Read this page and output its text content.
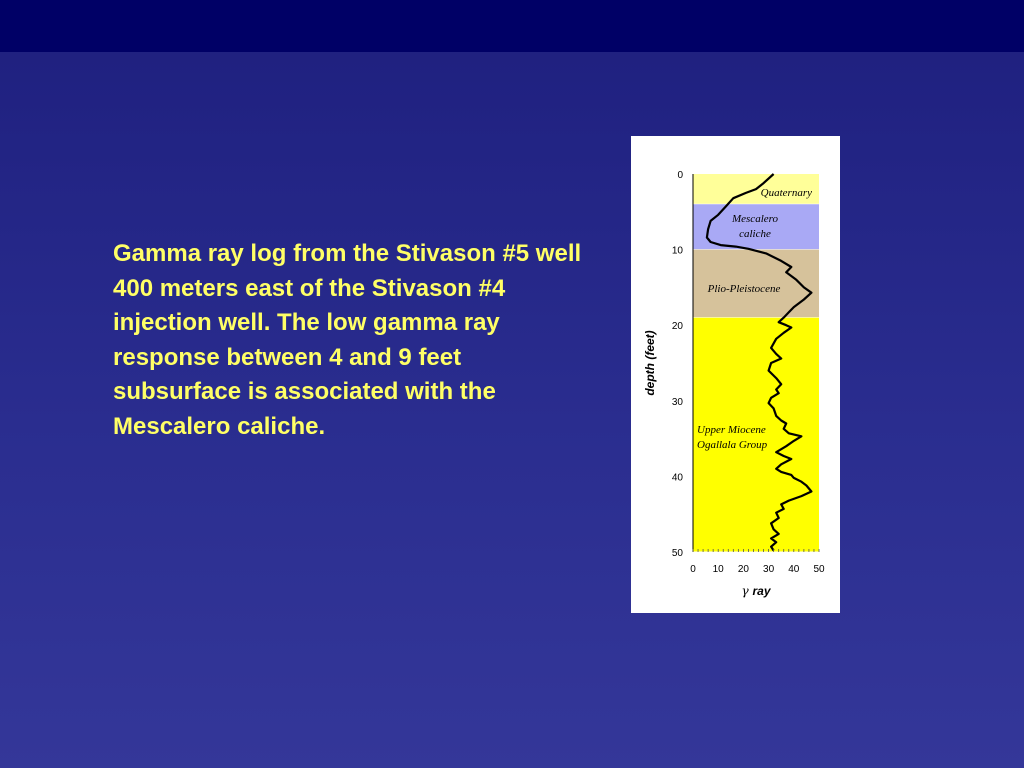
Gamma ray log from the Stivason #5 well 400 meters east of the Stivason #4 injection well. The low gamma ray response between 4 and 9 feet subsurface is associated with the Mescalero caliche.

Quaternary
Mescalero caliche
Plio-Pleistocene
Upper Miocene Ogallala Group
0 10 20 30 40 50
0
10
20
30
40
50
depth (feet)
γ ray
